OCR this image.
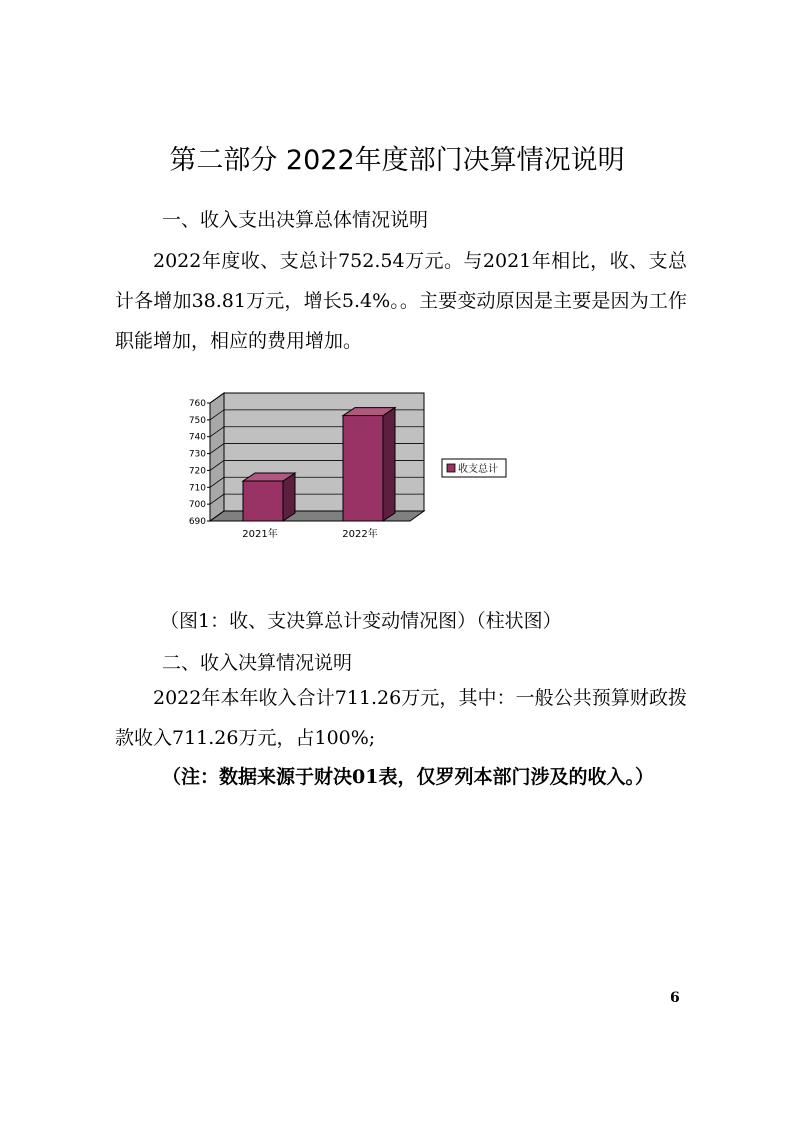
第二部分 2022年度部门决算情况说明
一、收入支出决算总体情况说明
2022年度收、支总计752.54万元。与2021年相比，收、支总计各增加38.81万元，增长5.4%。。主要变动原因是主要是因为工作职能增加，相应的费用增加。
690
700
710
720
730
740
750
760
2021年	2022年
收支总计
（图1：收、支决算总计变动情况图）（柱状图）
二、收入决算情况说明
2022年本年收入合计711.26万元，其中：一般公共预算财政拨款收入711.26万元，占100%;
（注：数据来源于财决01表，仅罗列本部门涉及的收入。）
6
